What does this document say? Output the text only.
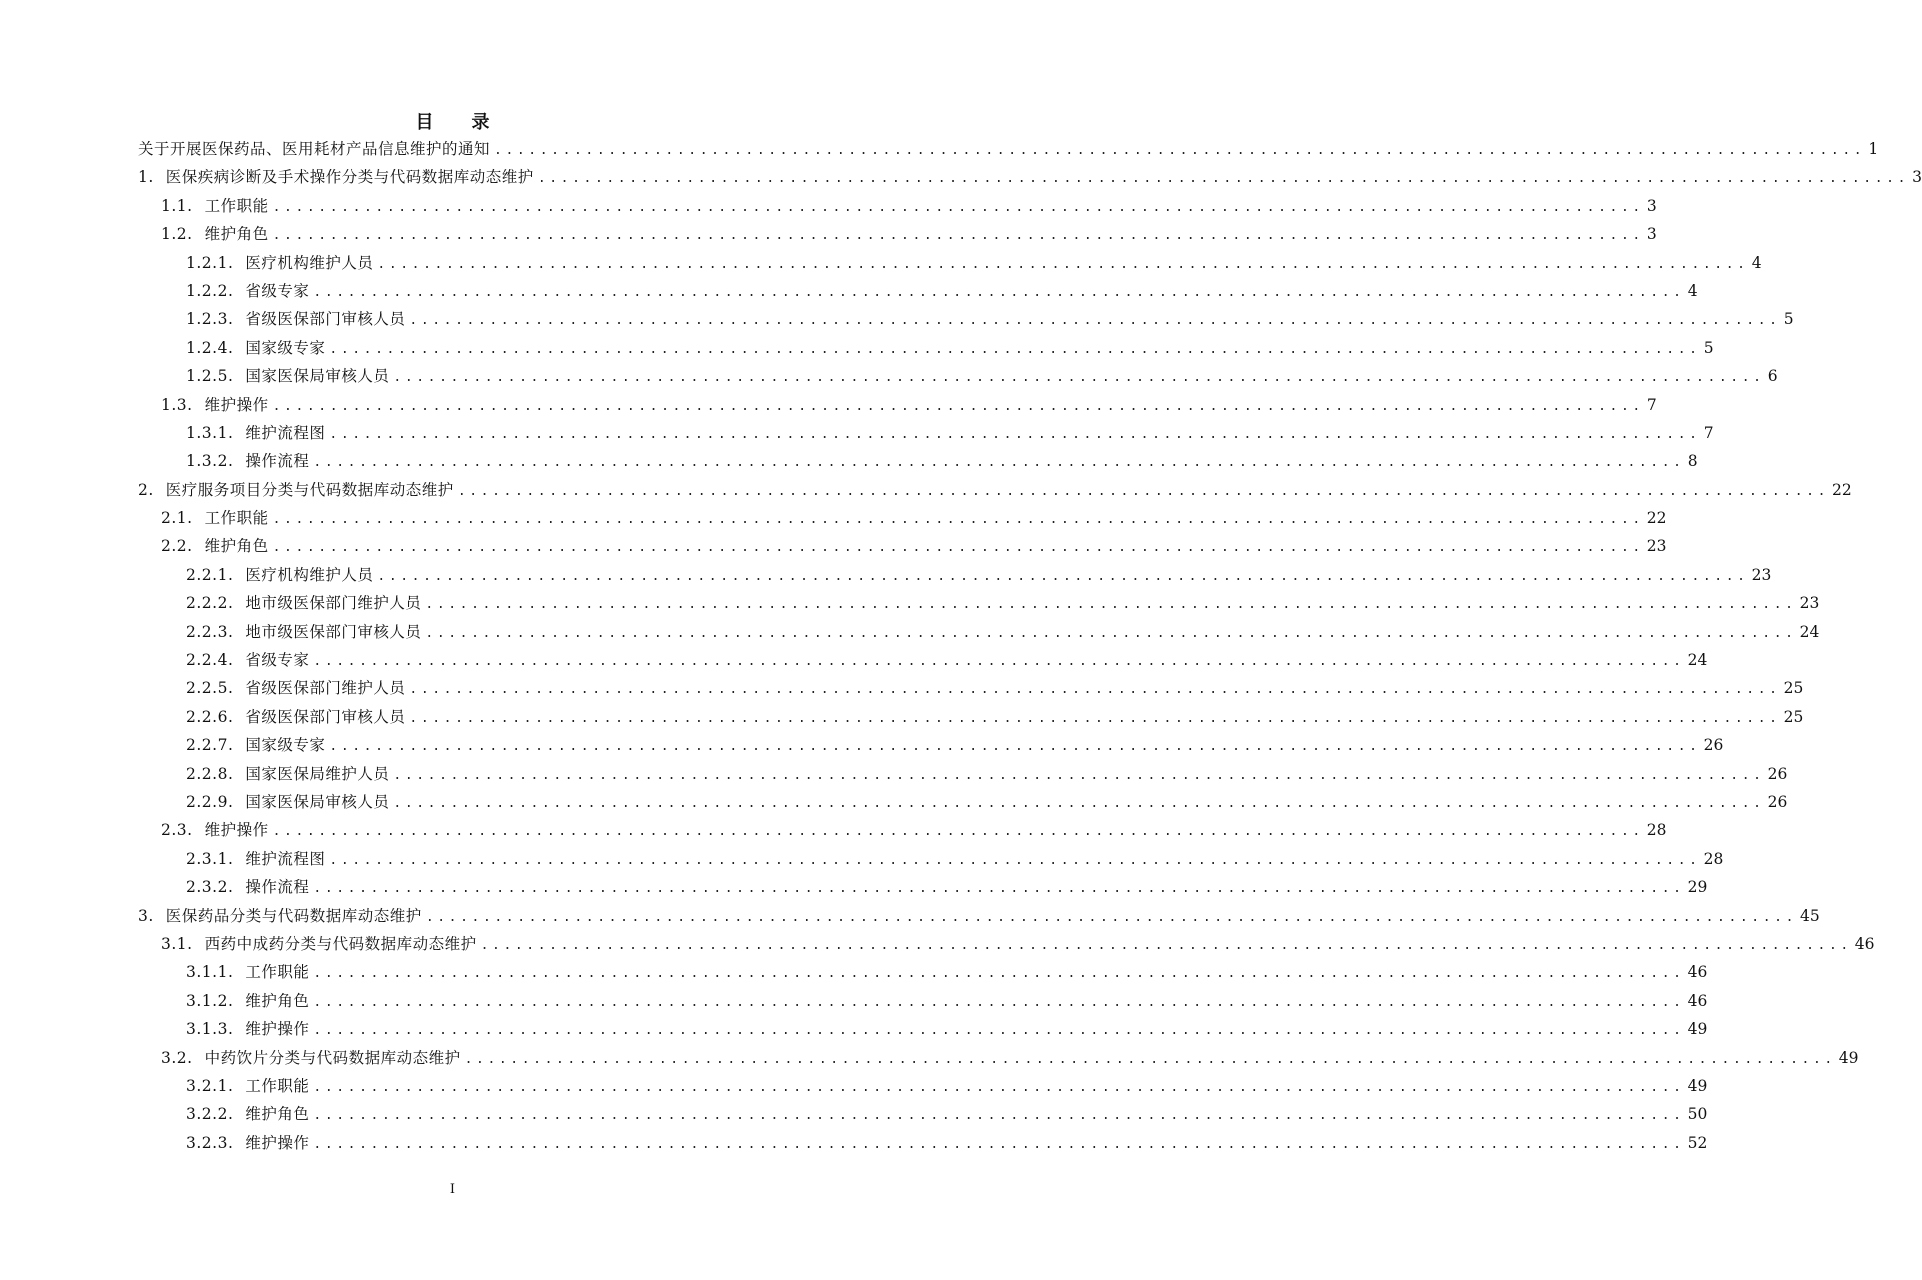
目　录
关于开展医保药品、医用耗材产品信息维护的通知 ........................................................................................................................ 1
1. 医保疾病诊断及手术操作分类与代码数据库动态维护 ........................................................................................................................ 3
1.1. 工作职能 ........................................................................................................................ 3
1.2. 维护角色 ........................................................................................................................ 3
1.2.1. 医疗机构维护人员 ........................................................................................................................ 4
1.2.2. 省级专家 ........................................................................................................................ 4
1.2.3. 省级医保部门审核人员 ........................................................................................................................ 5
1.2.4. 国家级专家 ........................................................................................................................ 5
1.2.5. 国家医保局审核人员 ........................................................................................................................ 6
1.3. 维护操作 ........................................................................................................................ 7
1.3.1. 维护流程图 ........................................................................................................................ 7
1.3.2. 操作流程 ........................................................................................................................ 8
2. 医疗服务项目分类与代码数据库动态维护 ........................................................................................................................ 22
2.1. 工作职能 ........................................................................................................................ 22
2.2. 维护角色 ........................................................................................................................ 23
2.2.1. 医疗机构维护人员 ........................................................................................................................ 23
2.2.2. 地市级医保部门维护人员 ........................................................................................................................ 23
2.2.3. 地市级医保部门审核人员 ........................................................................................................................ 24
2.2.4. 省级专家 ........................................................................................................................ 24
2.2.5. 省级医保部门维护人员 ........................................................................................................................ 25
2.2.6. 省级医保部门审核人员 ........................................................................................................................ 25
2.2.7. 国家级专家 ........................................................................................................................ 26
2.2.8. 国家医保局维护人员 ........................................................................................................................ 26
2.2.9. 国家医保局审核人员 ........................................................................................................................ 26
2.3. 维护操作 ........................................................................................................................ 28
2.3.1. 维护流程图 ........................................................................................................................ 28
2.3.2. 操作流程 ........................................................................................................................ 29
3. 医保药品分类与代码数据库动态维护 ........................................................................................................................ 45
3.1. 西药中成药分类与代码数据库动态维护 ........................................................................................................................ 46
3.1.1. 工作职能 ........................................................................................................................ 46
3.1.2. 维护角色 ........................................................................................................................ 46
3.1.3. 维护操作 ........................................................................................................................ 49
3.2. 中药饮片分类与代码数据库动态维护 ........................................................................................................................ 49
3.2.1. 工作职能 ........................................................................................................................ 49
3.2.2. 维护角色 ........................................................................................................................ 50
3.2.3. 维护操作 ........................................................................................................................ 52
I
